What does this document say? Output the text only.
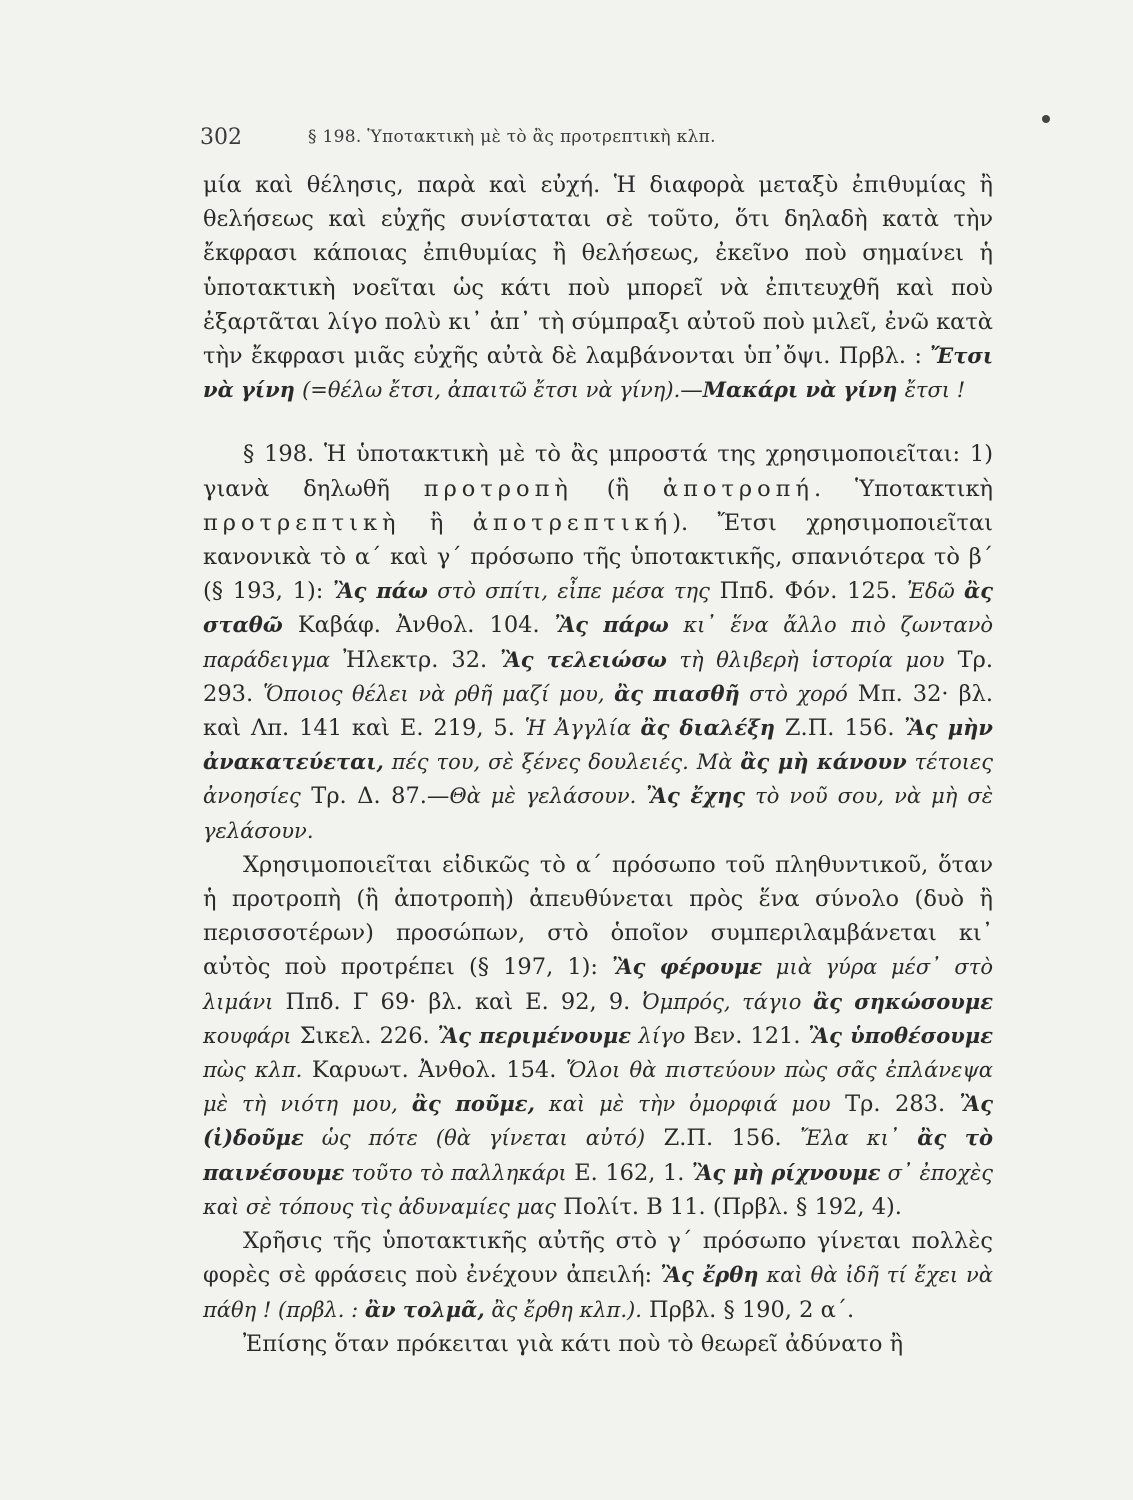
302	§ 198. Ὑποτακτικὴ μὲ τὸ ἂς προτρεπτικὴ κλπ.

μία καὶ θέλησις, παρὰ καὶ εὐχή. Ἡ διαφορὰ μεταξὺ ἐπιθυμίας ἢ θελήσεως καὶ εὐχῆς συνίσταται σὲ τοῦτο, ὅτι δηλαδὴ κατὰ τὴν ἔκφρασι κάποιας ἐπιθυμίας ἢ θελήσεως, ἐκεῖνο ποὺ σημαίνει ἡ ὑποτακτικὴ νοεῖται ὡς κάτι ποὺ μπορεῖ νὰ ἐπιτευχθῆ καὶ ποὺ ἐξαρτᾶται λίγο πολὺ κι᾿ ἀπ᾿ τὴ σύμπραξι αὐτοῦ ποὺ μιλεῖ, ἐνῶ κατὰ τὴν ἔκφρασι μιᾶς εὐχῆς αὐτὰ δὲ λαμβάνονται ὑπ᾿ὄψι. Πρβλ. : Ἔτσι νὰ γίνη (=θέλω ἔτσι, ἀπαιτῶ ἔτσι νὰ γίνη).—Μακάρι νὰ γίνη ἔτσι !

§ 198. Ἡ ὑποτακτικὴ μὲ τὸ ἂς μπροστά της χρησιμοποιεῖται: 1) γιανὰ δηλωθῆ προτροπὴ (ἢ ἀποτροπή. Ὑποτακτικὴ προτρεπτικὴ ἢ ἀποτρεπτική). Ἔτσι χρησιμοποιεῖται κανονικὰ τὸ α΄ καὶ γ΄ πρόσωπο τῆς ὑποτακτικῆς, σπανιότερα τὸ β΄ (§ 193, 1): Ἂς πάω στὸ σπίτι, εἶπε μέσα της Ππδ. Φόν. 125. Ἐδῶ ἂς σταθῶ Καβάφ. Ἀνθολ. 104. Ἂς πάρω κι᾿ ἕνα ἄλλο πιὸ ζωντανὸ παράδειγμα Ἠλεκτρ. 32. Ἂς τελειώσω τὴ θλιβερὴ ἱστορία μου Τρ. 293. Ὅποιος θέλει νὰ ρθῆ μαζί μου, ἂς πιασθῆ στὸ χορό Μπ. 32· βλ. καὶ Λπ. 141 καὶ Ε. 219, 5. Ἡ Ἀγγλία ἂς διαλέξη Ζ.Π. 156. Ἂς μὴν ἀνακατεύεται, πές του, σὲ ξένες δουλειές. Μὰ ἂς μὴ κάνουν τέτοιες ἀνοησίες Τρ. Δ. 87.—Θὰ μὲ γελάσουν. Ἂς ἔχης τὸ νοῦ σου, νὰ μὴ σὲ γελάσουν.

Χρησιμοποιεῖται εἰδικῶς τὸ α΄ πρόσωπο τοῦ πληθυντικοῦ, ὅταν ἡ προτροπὴ (ἢ ἀποτροπὴ) ἀπευθύνεται πρὸς ἕνα σύνολο (δυὸ ἢ περισσοτέρων) προσώπων, στὸ ὁποῖον συμπεριλαμβάνεται κι᾿ αὐτὸς ποὺ προτρέπει (§ 197, 1): Ἂς φέρουμε μιὰ γύρα μέσ᾿ στὸ λιμάνι Ππδ. Γ 69· βλ. καὶ Ε. 92, 9. Ὀμπρός, τάγιο ἂς σηκώσουμε κουφάρι Σικελ. 226. Ἂς περιμένουμε λίγο Βεν. 121. Ἂς ὑποθέσουμε πὼς κλπ. Καρυωτ. Ἀνθολ. 154. Ὅλοι θὰ πιστεύουν πὼς σᾶς ἐπλάνεψα μὲ τὴ νιότη μου, ἂς ποῦμε, καὶ μὲ τὴν ὀμορφιά μου Τρ. 283. Ἂς (ἰ)δοῦμε ὡς πότε (θὰ γίνεται αὐτό) Ζ.Π. 156. Ἔλα κι᾿ ἂς τὸ παινέσουμε τοῦτο τὸ παλληκάρι Ε. 162, 1. Ἂς μὴ ρίχνουμε σ᾿ ἐποχὲς καὶ σὲ τόπους τὶς ἀδυναμίες μας Πολίτ. Β 11. (Πρβλ. § 192, 4).

Χρῆσις τῆς ὑποτακτικῆς αὐτῆς στὸ γ΄ πρόσωπο γίνεται πολλὲς φορὲς σὲ φράσεις ποὺ ἐνέχουν ἀπειλή: Ἂς ἔρθη καὶ θὰ ἰδῆ τί ἔχει νὰ πάθη ! (πρβλ. : ἂν τολμᾶ, ἂς ἔρθη κλπ.). Πρβλ. § 190, 2 α΄.

Ἐπίσης ὅταν πρόκειται γιὰ κάτι ποὺ τὸ θεωρεῖ ἀδύνατο ἢ
